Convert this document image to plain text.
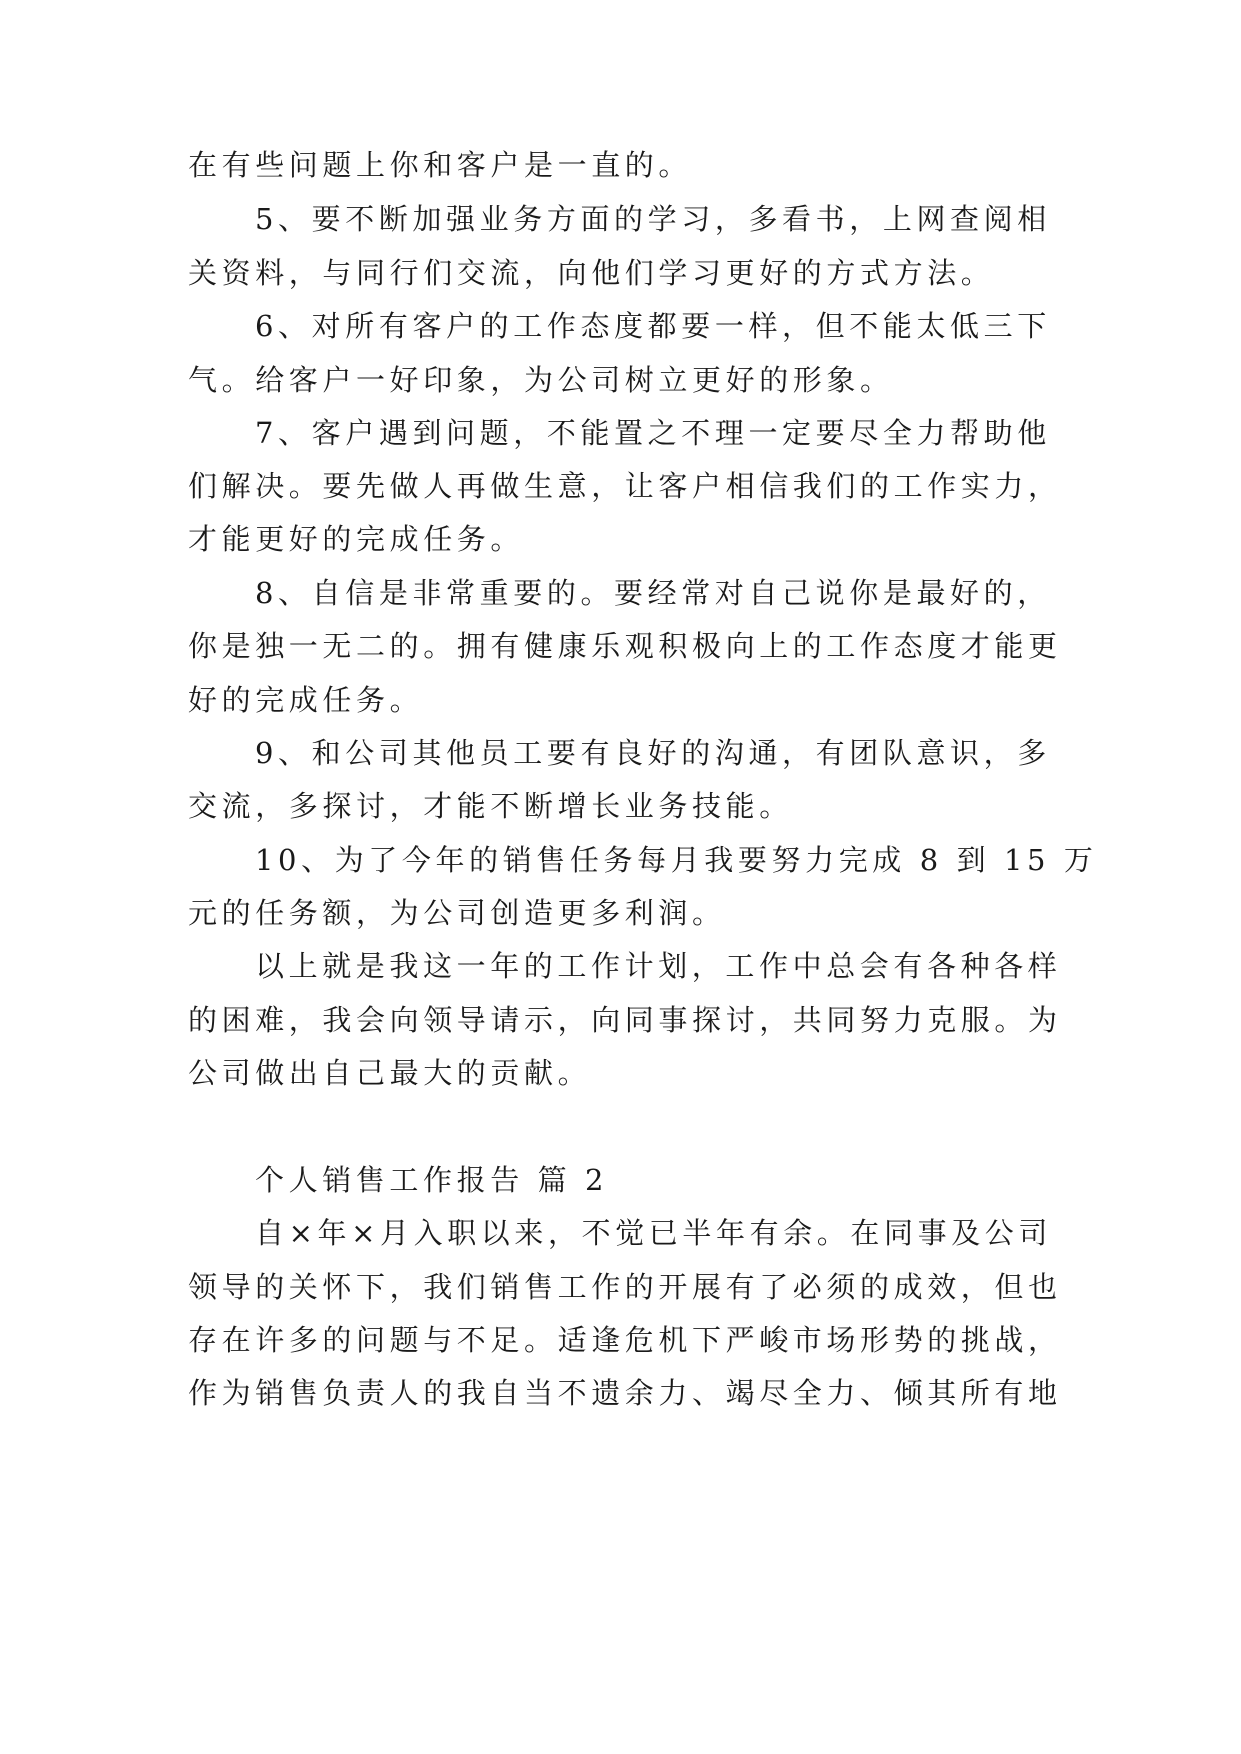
在有些问题上你和客户是一直的。

5、要不断加强业务方面的学习，多看书，上网查阅相

关资料，与同行们交流，向他们学习更好的方式方法。

6、对所有客户的工作态度都要一样，但不能太低三下

气。给客户一好印象，为公司树立更好的形象。

7、客户遇到问题，不能置之不理一定要尽全力帮助他

们解决。要先做人再做生意，让客户相信我们的工作实力，

才能更好的完成任务。

8、自信是非常重要的。要经常对自己说你是最好的，

你是独一无二的。拥有健康乐观积极向上的工作态度才能更

好的完成任务。

9、和公司其他员工要有良好的沟通，有团队意识，多

交流，多探讨，才能不断增长业务技能。

10、为了今年的销售任务每月我要努力完成 8 到 15 万

元的任务额，为公司创造更多利润。

以上就是我这一年的工作计划，工作中总会有各种各样

的困难，我会向领导请示，向同事探讨，共同努力克服。为

公司做出自己最大的贡献。

个人销售工作报告 篇 2

自×年×月入职以来，不觉已半年有余。在同事及公司

领导的关怀下，我们销售工作的开展有了必须的成效，但也

存在许多的问题与不足。适逢危机下严峻市场形势的挑战，

作为销售负责人的我自当不遗余力、竭尽全力、倾其所有地
